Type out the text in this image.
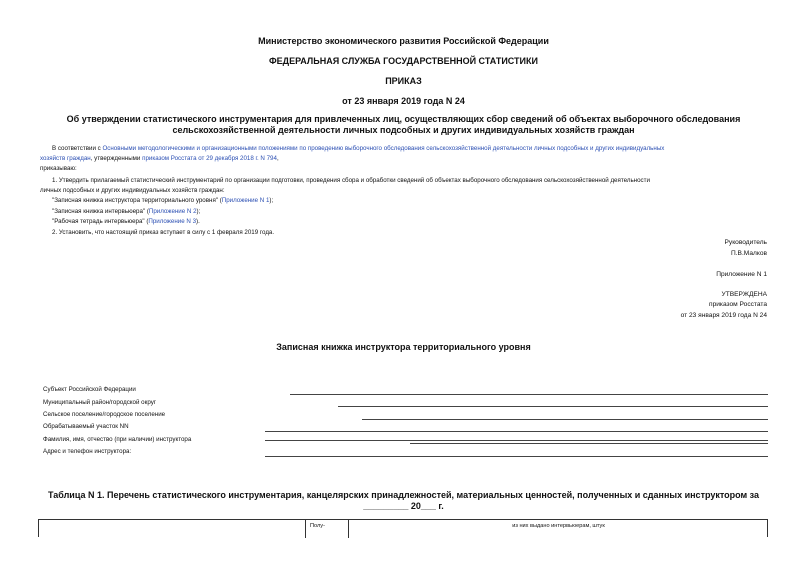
Министерство экономического развития Российской Федерации
ФЕДЕРАЛЬНАЯ СЛУЖБА ГОСУДАРСТВЕННОЙ СТАТИСТИКИ
ПРИКАЗ
от 23 января 2019 года N 24
Об утверждении статистического инструментария для привлеченных лиц, осуществляющих сбор сведений об объектах выборочного обследования
сельскохозяйственной деятельности личных подсобных и других индивидуальных хозяйств граждан
В соответствии с Основными методологическими и организационными положениями по проведению выборочного обследования сельскохозяйственной деятельности личных подсобных и других индивидуальных
хозяйств граждан, утвержденными приказом Росстата от 29 декабря 2018 г. N 794,
приказываю:
1. Утвердить прилагаемый статистический инструментарий по организации подготовки, проведения сбора и обработки сведений об объектах выборочного обследования сельскохозяйственной деятельности
личных подсобных и других индивидуальных хозяйств граждан:
"Записная книжка инструктора территориального уровня" (Приложение N 1);
"Записная книжка интервьюера" (Приложение N 2);
"Рабочая тетрадь интервьюера" (Приложение N 3).
2. Установить, что настоящий приказ вступает в силу с 1 февраля 2019 года.
Руководитель
П.В.Малков
Приложение N 1
УТВЕРЖДЕНА
приказом Росстата
от 23 января 2019 года N 24
Записная книжка инструктора территориального уровня
Субъект Российской Федерации
Муниципальный район/городской округ
Сельское поселение/городское поселение
Обрабатываемый участок NN
Фамилия, имя, отчество (при наличии) инструктора
Адрес и телефон инструктора:
Таблица N 1. Перечень статистического инструментария, канцелярских принадлежностей, материальных ценностей, полученных и сданных инструктором за
_________ 20___ г.
Полу-	из них выдано интервьюерам, штук
